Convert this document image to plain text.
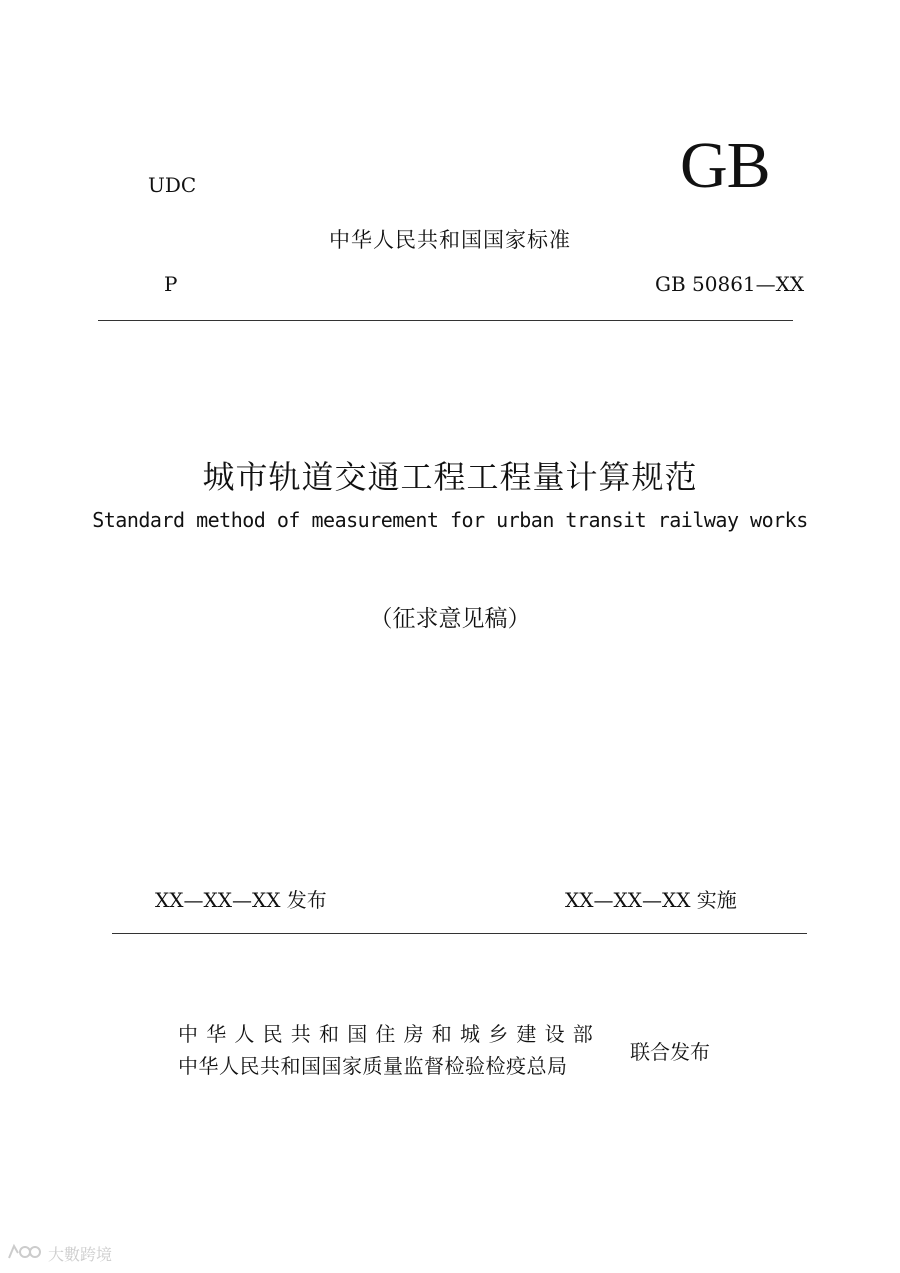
UDC	GB
中华人民共和国国家标准
P	GB 50861—XX
城市轨道交通工程工程量计算规范
Standard method of measurement for urban transit railway works
（征求意见稿）
XX—XX—XX 发布	XX—XX—XX 实施
中华人民共和国住房和城乡建设部
中华人民共和国国家质量监督检验检疫总局
联合发布
大數跨境
